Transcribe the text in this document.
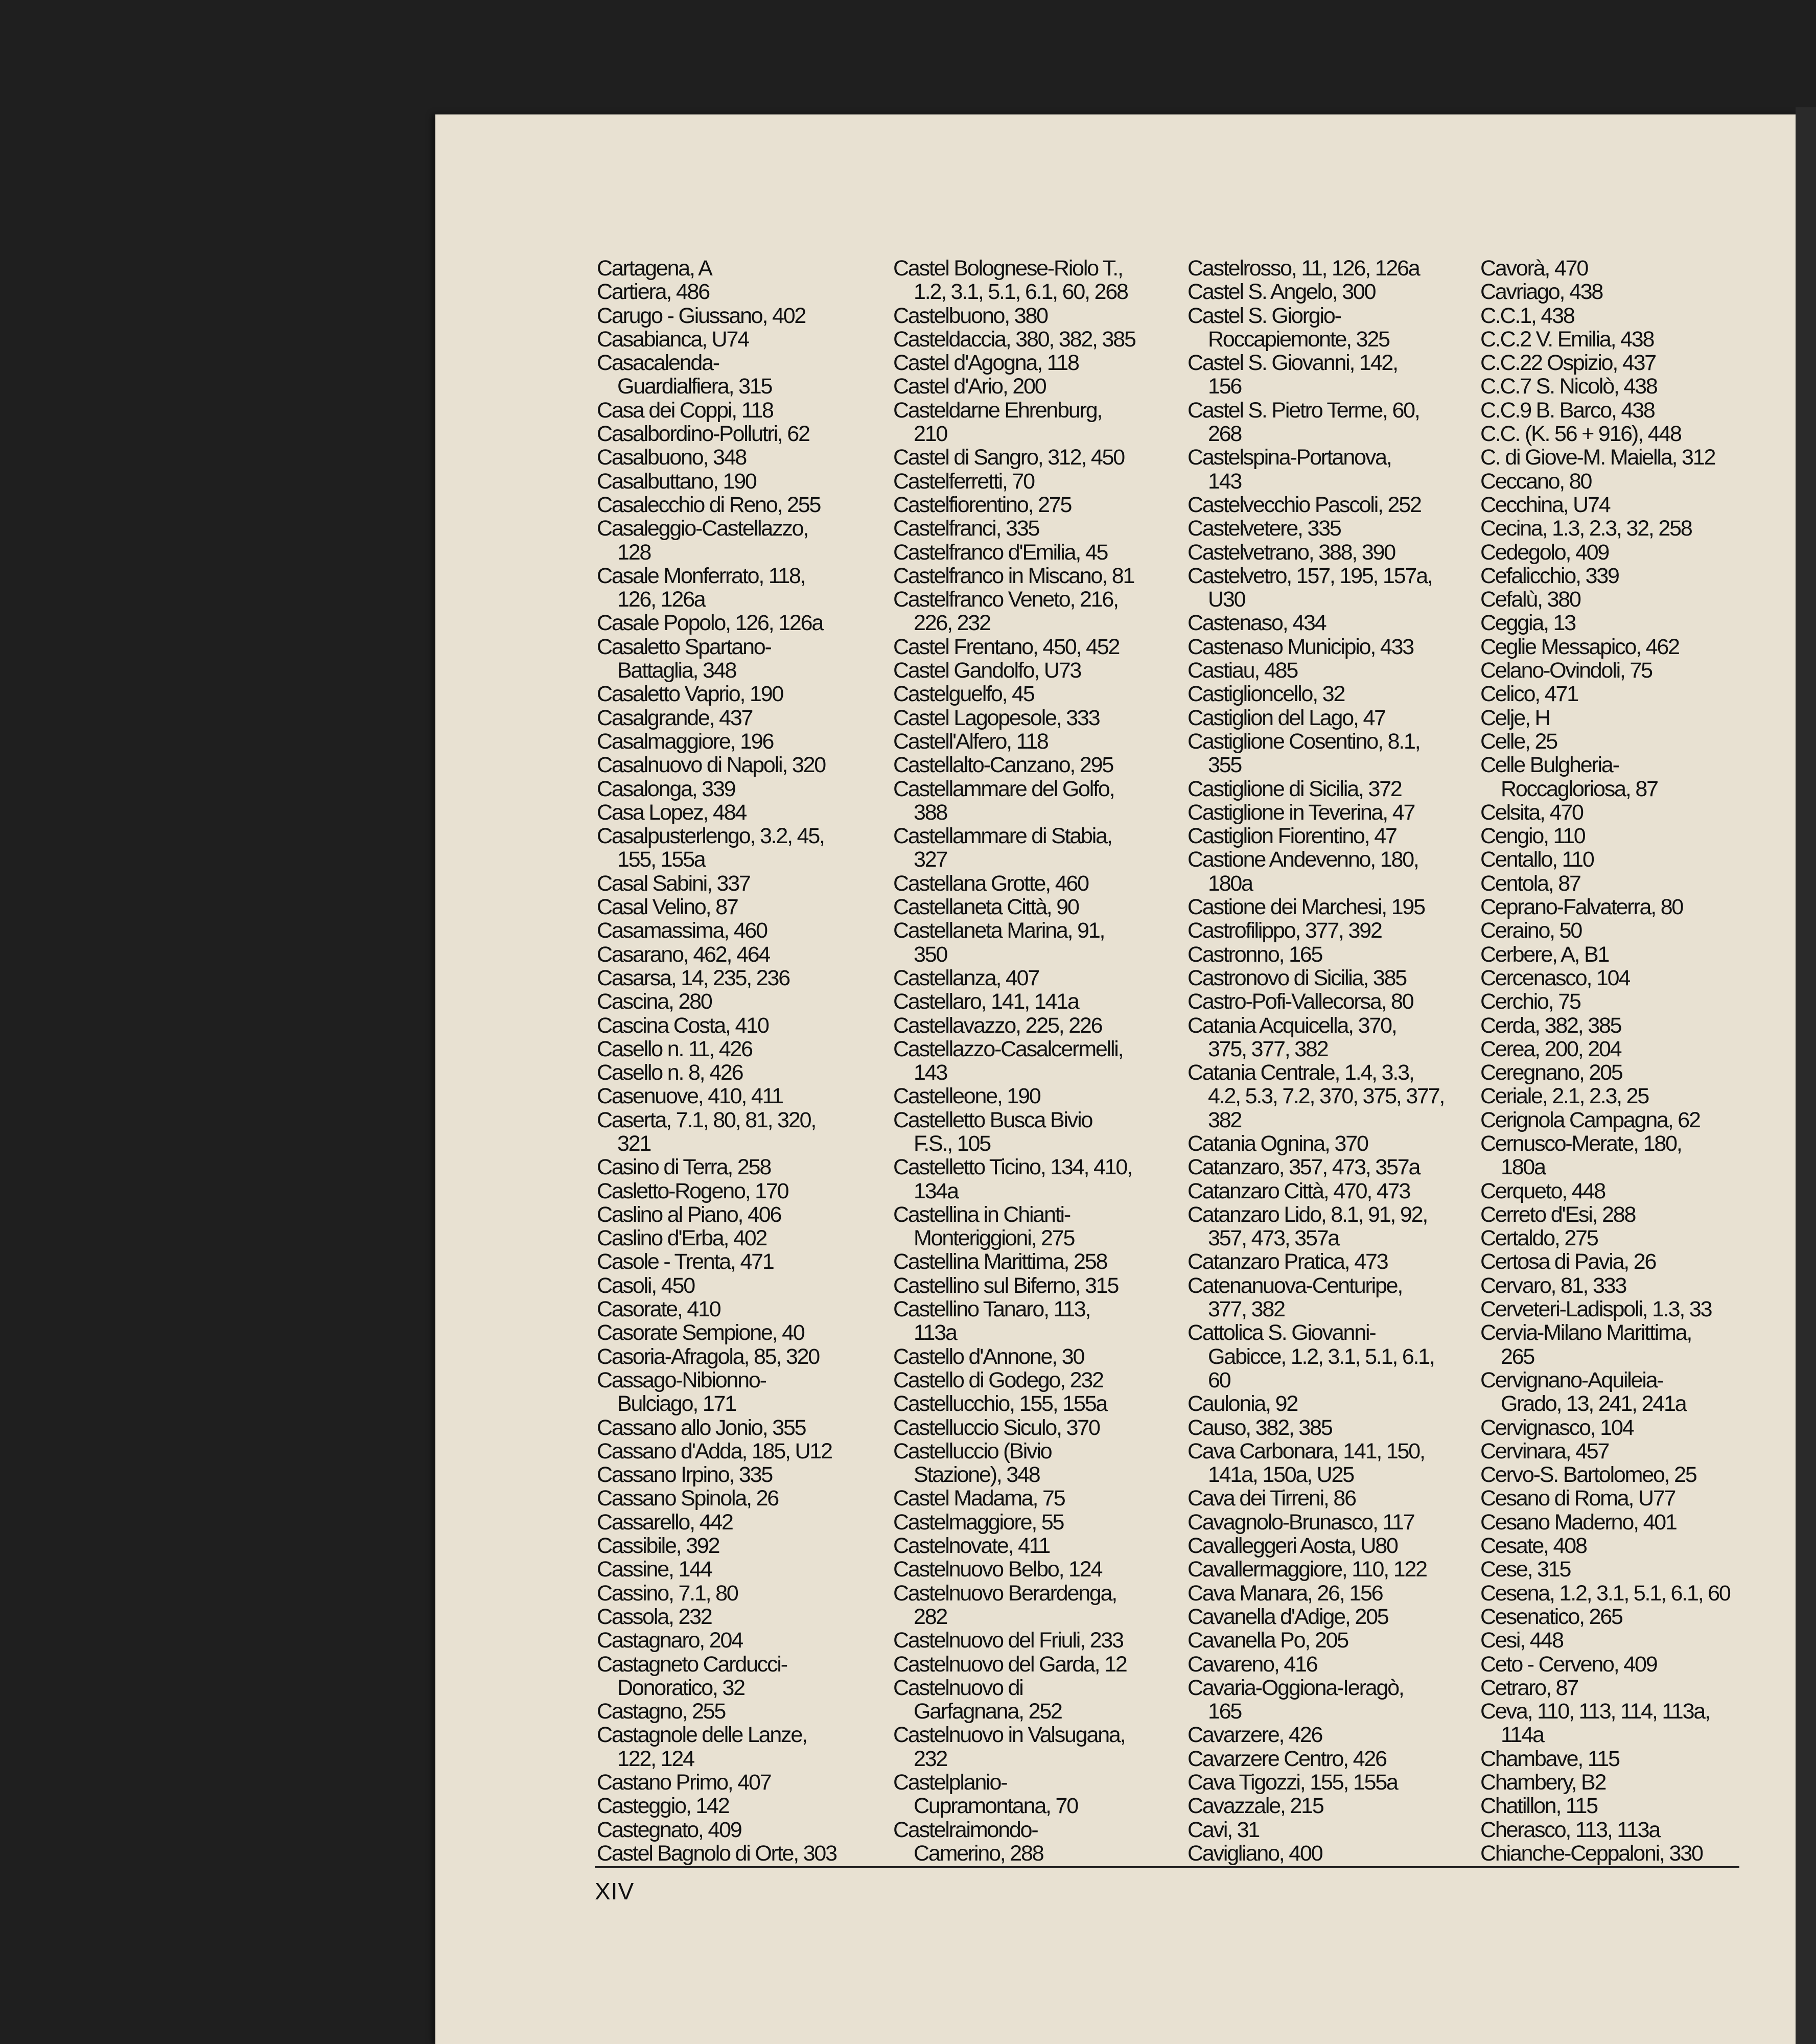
Cartagena, A
Cartiera, 486
Carugo - Giussano, 402
Casabianca, U74
Casacalenda-
Guardialfiera, 315
Casa dei Coppi, 118
Casalbordino-Pollutri, 62
Casalbuono, 348
Casalbuttano, 190
Casalecchio di Reno, 255
Casaleggio-Castellazzo,
128
Casale Monferrato, 118,
126, 126a
Casale Popolo, 126, 126a
Casaletto Spartano-
Battaglia, 348
Casaletto Vaprio, 190
Casalgrande, 437
Casalmaggiore, 196
Casalnuovo di Napoli, 320
Casalonga, 339
Casa Lopez, 484
Casalpusterlengo, 3.2, 45,
155, 155a
Casal Sabini, 337
Casal Velino, 87
Casamassima, 460
Casarano, 462, 464
Casarsa, 14, 235, 236
Cascina, 280
Cascina Costa, 410
Casello n. 11, 426
Casello n. 8, 426
Casenuove, 410, 411
Caserta, 7.1, 80, 81, 320,
321
Casino di Terra, 258
Casletto-Rogeno, 170
Caslino al Piano, 406
Caslino d'Erba, 402
Casole - Trenta, 471
Casoli, 450
Casorate, 410
Casorate Sempione, 40
Casoria-Afragola, 85, 320
Cassago-Nibionno-
Bulciago, 171
Cassano allo Jonio, 355
Cassano d'Adda, 185, U12
Cassano Irpino, 335
Cassano Spinola, 26
Cassarello, 442
Cassibile, 392
Cassine, 144
Cassino, 7.1, 80
Cassola, 232
Castagnaro, 204
Castagneto Carducci-
Donoratico, 32
Castagno, 255
Castagnole delle Lanze,
122, 124
Castano Primo, 407
Casteggio, 142
Castegnato, 409
Castel Bagnolo di Orte, 303
Castel Bolognese-Riolo T.,
1.2, 3.1, 5.1, 6.1, 60, 268
Castelbuono, 380
Casteldaccia, 380, 382, 385
Castel d'Agogna, 118
Castel d'Ario, 200
Casteldarne Ehrenburg,
210
Castel di Sangro, 312, 450
Castelferretti, 70
Castelfiorentino, 275
Castelfranci, 335
Castelfranco d'Emilia, 45
Castelfranco in Miscano, 81
Castelfranco Veneto, 216,
226, 232
Castel Frentano, 450, 452
Castel Gandolfo, U73
Castelguelfo, 45
Castel Lagopesole, 333
Castell'Alfero, 118
Castellalto-Canzano, 295
Castellammare del Golfo,
388
Castellammare di Stabia,
327
Castellana Grotte, 460
Castellaneta Città, 90
Castellaneta Marina, 91,
350
Castellanza, 407
Castellaro, 141, 141a
Castellavazzo, 225, 226
Castellazzo-Casalcermelli,
143
Castelleone, 190
Castelletto Busca Bivio
F.S., 105
Castelletto Ticino, 134, 410,
134a
Castellina in Chianti-
Monteriggioni, 275
Castellina Marittima, 258
Castellino sul Biferno, 315
Castellino Tanaro, 113,
113a
Castello d'Annone, 30
Castello di Godego, 232
Castellucchio, 155, 155a
Castelluccio Siculo, 370
Castelluccio (Bivio
Stazione), 348
Castel Madama, 75
Castelmaggiore, 55
Castelnovate, 411
Castelnuovo Belbo, 124
Castelnuovo Berardenga,
282
Castelnuovo del Friuli, 233
Castelnuovo del Garda, 12
Castelnuovo di
Garfagnana, 252
Castelnuovo in Valsugana,
232
Castelplanio-
Cupramontana, 70
Castelraimondo-
Camerino, 288
Castelrosso, 11, 126, 126a
Castel S. Angelo, 300
Castel S. Giorgio-
Roccapiemonte, 325
Castel S. Giovanni, 142,
156
Castel S. Pietro Terme, 60,
268
Castelspina-Portanova,
143
Castelvecchio Pascoli, 252
Castelvetere, 335
Castelvetrano, 388, 390
Castelvetro, 157, 195, 157a,
U30
Castenaso, 434
Castenaso Municipio, 433
Castiau, 485
Castiglioncello, 32
Castiglion del Lago, 47
Castiglione Cosentino, 8.1,
355
Castiglione di Sicilia, 372
Castiglione in Teverina, 47
Castiglion Fiorentino, 47
Castione Andevenno, 180,
180a
Castione dei Marchesi, 195
Castrofilippo, 377, 392
Castronno, 165
Castronovo di Sicilia, 385
Castro-Pofi-Vallecorsa, 80
Catania Acquicella, 370,
375, 377, 382
Catania Centrale, 1.4, 3.3,
4.2, 5.3, 7.2, 370, 375, 377,
382
Catania Ognina, 370
Catanzaro, 357, 473, 357a
Catanzaro Città, 470, 473
Catanzaro Lido, 8.1, 91, 92,
357, 473, 357a
Catanzaro Pratica, 473
Catenanuova-Centuripe,
377, 382
Cattolica S. Giovanni-
Gabicce, 1.2, 3.1, 5.1, 6.1,
60
Caulonia, 92
Causo, 382, 385
Cava Carbonara, 141, 150,
141a, 150a, U25
Cava dei Tirreni, 86
Cavagnolo-Brunasco, 117
Cavalleggeri Aosta, U80
Cavallermaggiore, 110, 122
Cava Manara, 26, 156
Cavanella d'Adige, 205
Cavanella Po, 205
Cavareno, 416
Cavaria-Oggiona-Ieragò,
165
Cavarzere, 426
Cavarzere Centro, 426
Cava Tigozzi, 155, 155a
Cavazzale, 215
Cavi, 31
Cavigliano, 400
Cavorà, 470
Cavriago, 438
C.C.1, 438
C.C.2 V. Emilia, 438
C.C.22 Ospizio, 437
C.C.7 S. Nicolò, 438
C.C.9 B. Barco, 438
C.C. (K. 56 + 916), 448
C. di Giove-M. Maiella, 312
Ceccano, 80
Cecchina, U74
Cecina, 1.3, 2.3, 32, 258
Cedegolo, 409
Cefalicchio, 339
Cefalù, 380
Ceggia, 13
Ceglie Messapico, 462
Celano-Ovindoli, 75
Celico, 471
Celje, H
Celle, 25
Celle Bulgheria-
Roccagloriosa, 87
Celsita, 470
Cengio, 110
Centallo, 110
Centola, 87
Ceprano-Falvaterra, 80
Ceraino, 50
Cerbere, A, B1
Cercenasco, 104
Cerchio, 75
Cerda, 382, 385
Cerea, 200, 204
Ceregnano, 205
Ceriale, 2.1, 2.3, 25
Cerignola Campagna, 62
Cernusco-Merate, 180,
180a
Cerqueto, 448
Cerreto d'Esi, 288
Certaldo, 275
Certosa di Pavia, 26
Cervaro, 81, 333
Cerveteri-Ladispoli, 1.3, 33
Cervia-Milano Marittima,
265
Cervignano-Aquileia-
Grado, 13, 241, 241a
Cervignasco, 104
Cervinara, 457
Cervo-S. Bartolomeo, 25
Cesano di Roma, U77
Cesano Maderno, 401
Cesate, 408
Cese, 315
Cesena, 1.2, 3.1, 5.1, 6.1, 60
Cesenatico, 265
Cesi, 448
Ceto - Cerveno, 409
Cetraro, 87
Ceva, 110, 113, 114, 113a,
114a
Chambave, 115
Chambery, B2
Chatillon, 115
Cherasco, 113, 113a
Chianche-Ceppaloni, 330
XIV
